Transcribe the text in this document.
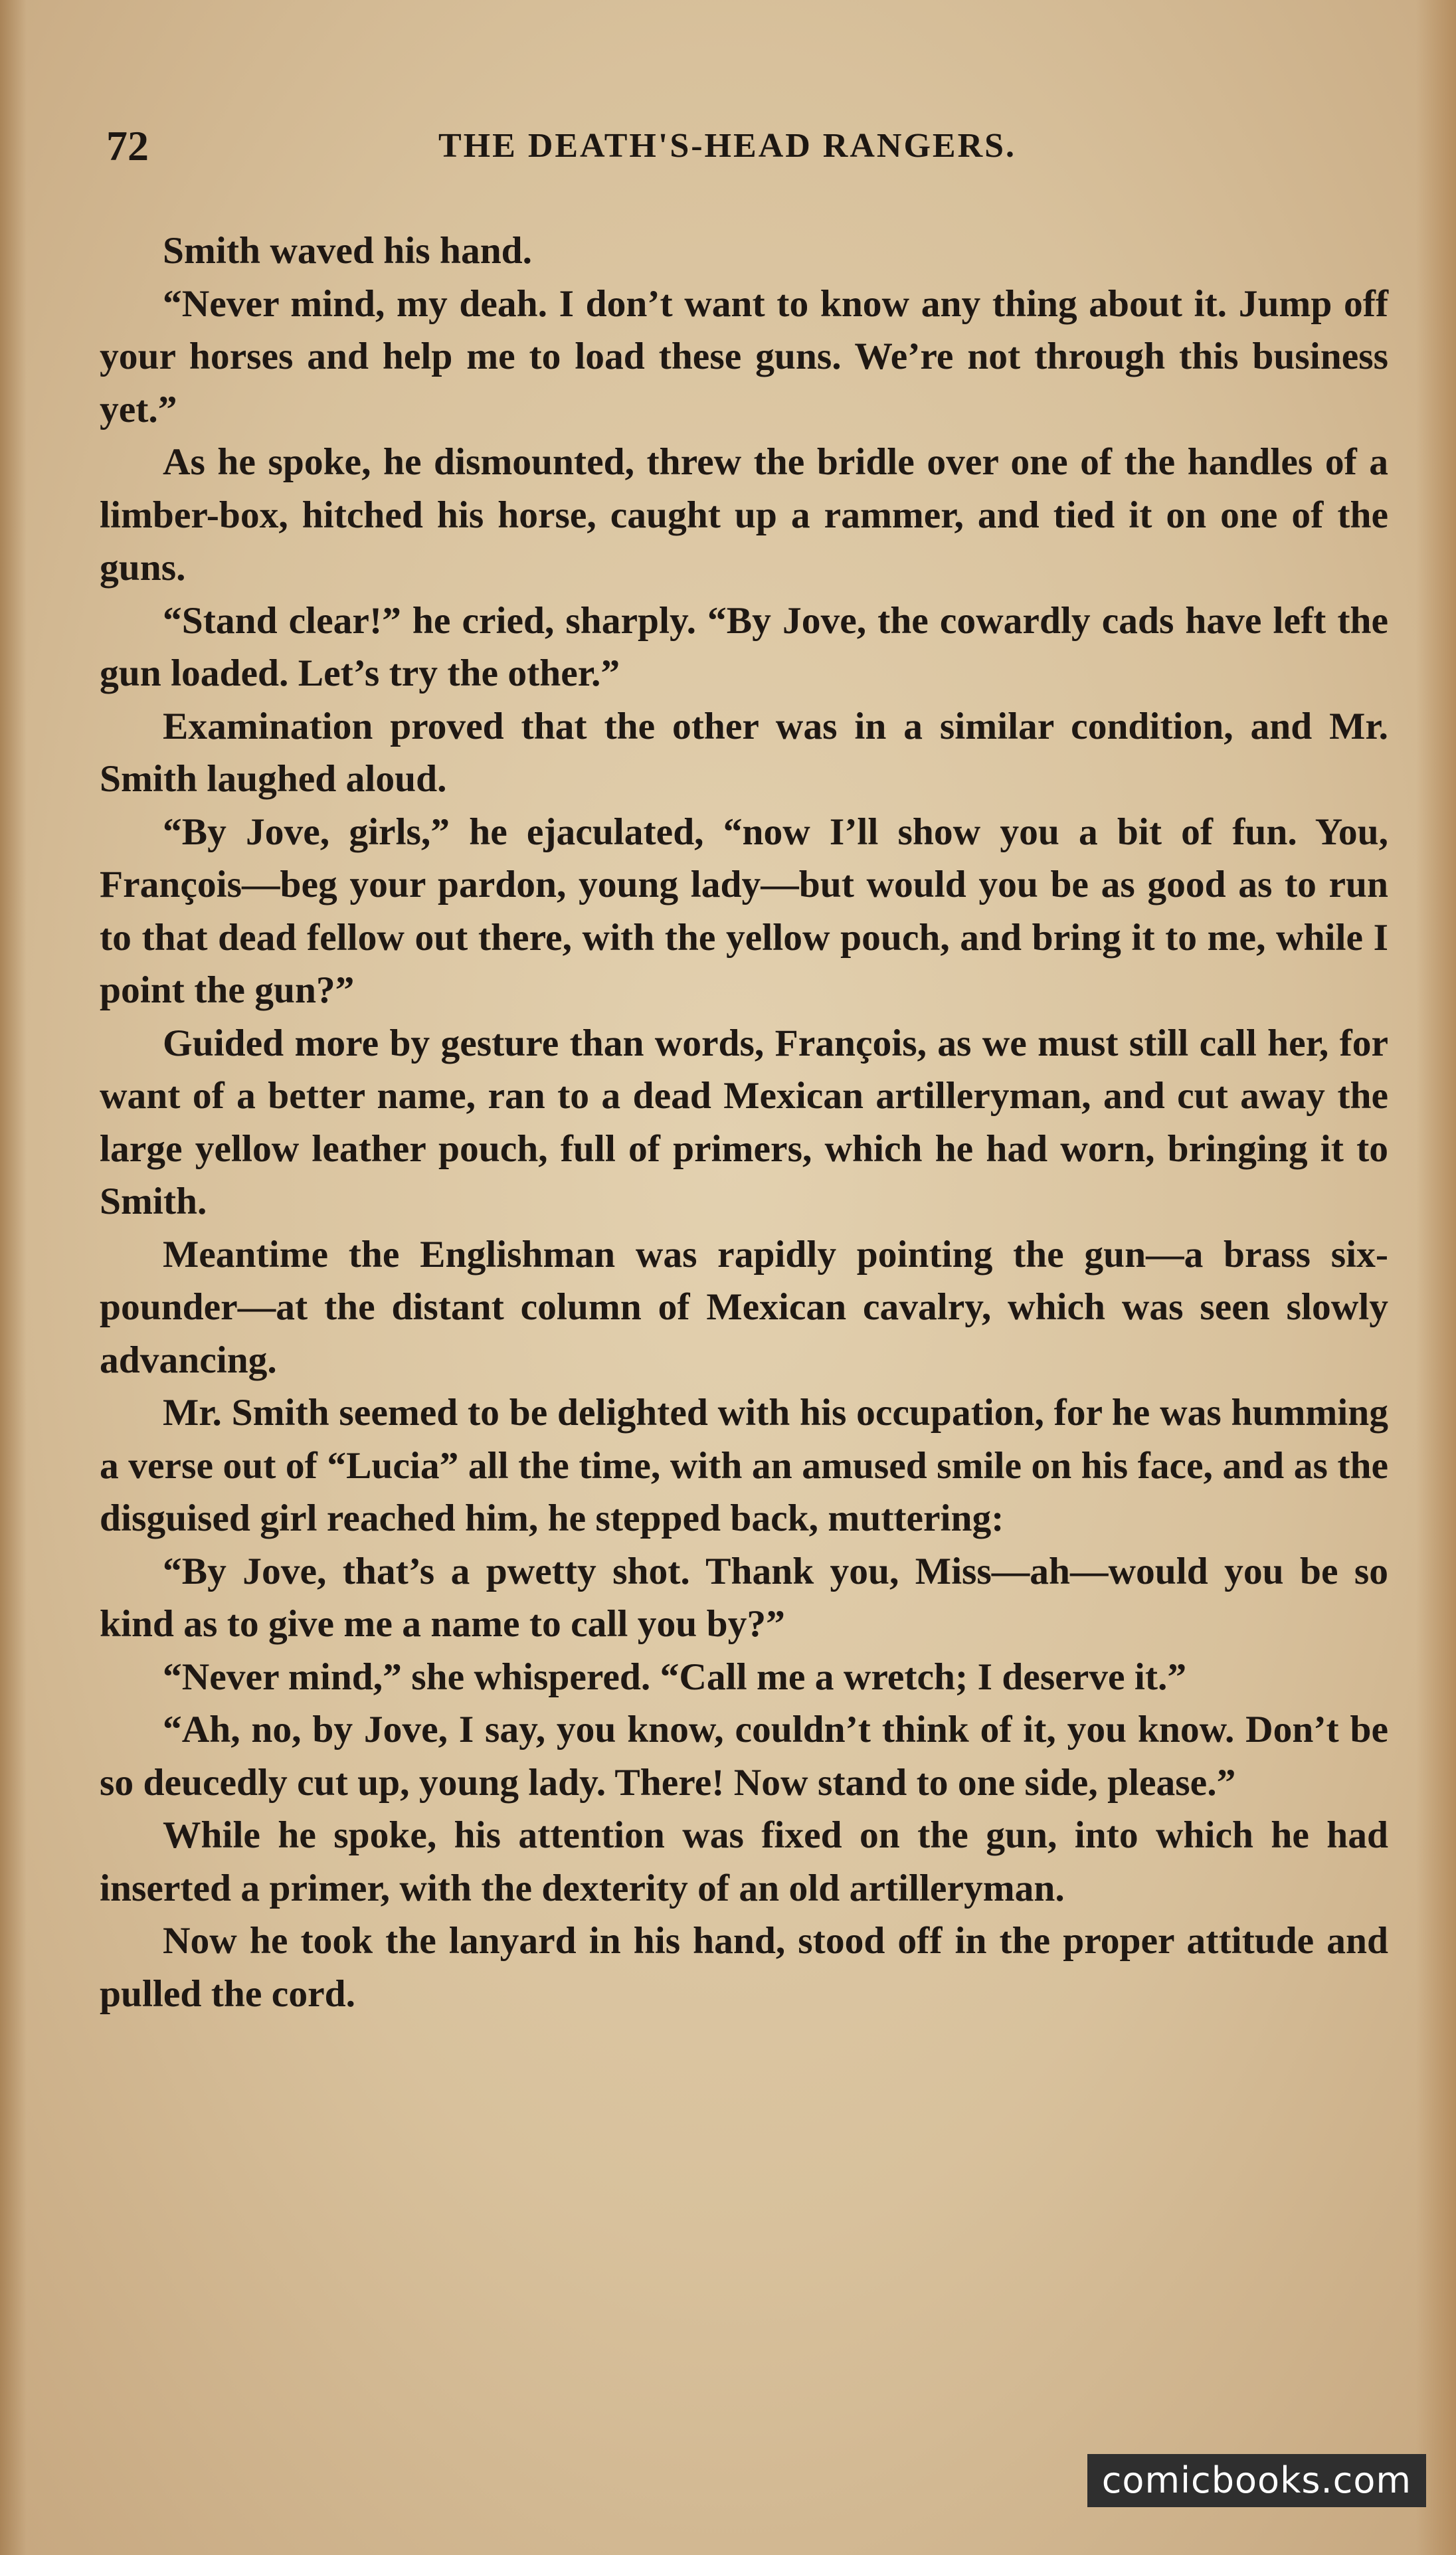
72	THE DEATH'S-HEAD RANGERS.

Smith waved his hand.

“Never mind, my deah. I don’t want to know any thing about it. Jump off your horses and help me to load these guns. We’re not through this business yet.”

As he spoke, he dismounted, threw the bridle over one of the handles of a limber-box, hitched his horse, caught up a rammer, and tied it on one of the guns.

“Stand clear!” he cried, sharply. “By Jove, the cowardly cads have left the gun loaded. Let’s try the other.”

Examination proved that the other was in a similar condition, and Mr. Smith laughed aloud.

“By Jove, girls,” he ejaculated, “now I’ll show you a bit of fun. You, François—beg your pardon, young lady—but would you be as good as to run to that dead fellow out there, with the yellow pouch, and bring it to me, while I point the gun?”

Guided more by gesture than words, François, as we must still call her, for want of a better name, ran to a dead Mexican artilleryman, and cut away the large yellow leather pouch, full of primers, which he had worn, bringing it to Smith.

Meantime the Englishman was rapidly pointing the gun—a brass six-pounder—at the distant column of Mexican cavalry, which was seen slowly advancing.

Mr. Smith seemed to be delighted with his occupation, for he was humming a verse out of “Lucia” all the time, with an amused smile on his face, and as the disguised girl reached him, he stepped back, muttering:

“By Jove, that’s a pwetty shot. Thank you, Miss—ah—would you be so kind as to give me a name to call you by?”

“Never mind,” she whispered. “Call me a wretch; I deserve it.”

“Ah, no, by Jove, I say, you know, couldn’t think of it, you know. Don’t be so deucedly cut up, young lady. There! Now stand to one side, please.”

While he spoke, his attention was fixed on the gun, into which he had inserted a primer, with the dexterity of an old artilleryman.

Now he took the lanyard in his hand, stood off in the proper attitude and pulled the cord.

comicbooks.com
